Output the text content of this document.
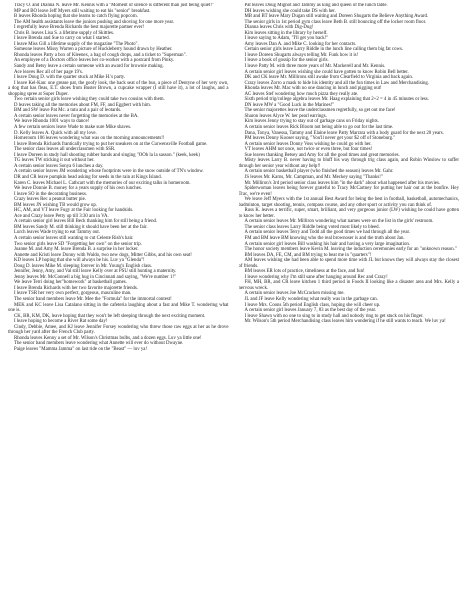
Tracy O. and Dianna N. leave Mr. Kennis with a "Moment of silence is different than just being quiet!"

MP and BO leave Jeff Myers still waiting to eat his "senior" breakfast.

B leaves Rhonda hoping that she learns to catch flying popcorn.

The AM health assistants leave the juniors pushing and shoving for one more year.

I regretfully leave Brenda Richards the best majorette partner ever!

Chris B. leaves Lisa S. a lifetime supply of Skittles.

I leave Brenda and Sue to carry on what I started.

I leave Miss Gill a lifetime supply of the magazine "The Photo".

Someone leaves Missy Warren a picture of Huckleberry hound drawn by Heather.

Rhonda leaves Patty a box of Kleenex, a bag of cough drops, and a ticket to "Superman".

An employee of a Doctors office leaves her co-worker with a postcard from Pinky.

Sandy and Betsy leave a certain someone with an award for brownie making.

Ace leaves Rec all of her page 19's.

I leave Doug D. with the quarter stuck at Mike H.'s party.

I leave Kel-Kan: one grease pat, the goofy look, the back seat of the bus, a piece of Dentyne of her very own, a dog that has fleas, E.T. shoes from Buster Brown, a cupcake wrapper (I still have it), a lot of laughs, and a shopping spree at Super Duper.

Two certain senior girls leave wishing they could take two cousins with them.

D leaves taking all the memories about FM, FF, and Eggbert with him.

BM and SW leave Pat Mc. a tutu and a pair of leotards.

A certain senior leaves never forgetting the memories at the BA.

We leave Rhonda 1001 ways to dance!

A few certain seniors leave Wade to make sure Mike shaves.

D. Kelly leaves A. Quick with all my love.

Homeroom 106 leaves wondering what was on the morning announcements!!

I leave Brenda Richards frantically trying to put her sneakers on at the Curwensville Football game.

The senior class leaves all underclassmen with SSR.

I leave Doreen in study hall shooting rubber bands and singing "OOh la la sasson." (keek, keek)

TG leaves TW sticking it out without her.

A certain senior leaves Sonya 6 lunches a day.

A certain senior leaves JM wondering whose footprints were in the snow outside of TN's window.

DR and CR leave pumpkin head asking for seeds in the rain at Kings Island.

Karen C. leaves Michael L. Cathcart with the memories of our exciting talks in homeroom.

We leave Donnie B. money for a years supply of his own lunches.

I leave SO in the decorating business.

Crazy leaves Rec a peanut butter pie.

BM leaves JN wishing TB would grow up.

HC, AM, and VT leave Fugy at the Fair looking for handsids.

Ace and Crazy leave Petty up till 3:30 am in VA.

A certain senior girl leaves Bill Beck thanking him for still being a friend.

BM leaves Sandy M. still thinking it should have been her at the fair.

Lurch leaves Wade trying to eat Tammy out.

A certain senior leaves still wanting to cut Celeste Rish's hair.

Two senior girls leave SD "Forgetting her own" on the senior trip.

Joanne M. and Amy M. leave Brenda B. a surprise in her locker.

Annette and Kristi leave Donny with Waldo, two new dogs, Mitter Gibbs, and his own seat!

KD leaves LP hoping that she will always be his. Luv ya "Glenda"!

Doug D. leaves Mike M. sleeping forever in Mr. Young's English class.

Jennifer, Jenny, Amy, and Val still leave Kelly over at PSU still hunting a maternity.

Jenny leaves Mr. McConnell a big hug in Cincinnati and saying, "We're number 1!"

We leave Terri doing her"homework" at basketball games.

I leave Brenda Richards with her two favorite majorette friends.

I leave TSR her very own perfect, gorgeous, masculine man.

The senior band members leave Mr. Mee the "Formula" for the immortal contest!

MEK and KC leave Lisa Catalano sitting in the cafeteria laughing about a fast and Mike T. wondering what one is.

CK, BR, KM, DK, leave hoping that they won't be left sleeping through the next exciting moment.

I leave hoping to become a River Rat some day!

Cindy, Debbie, Amee, and KJ leave Jennifer Forsey wondering who threw those raw eggs at her as he drove through her yard after the French Club party.

Rhonda leaves Kenny a set of Mr. Wilson's Christmas bulbs, and a dozen eggs. Luv ya little one!

The senior band members leave wondering what Annette will ever do without Dwayne.

Paige leaves "Mamma Jamma" on last ride on the "Beast" — luv ya!

Pat leaves Doug Mignot and Tammy as king and queen of the lunch table.

DH leaves wishing she could take DS with her.

MB and BT leave Mary Dugan still waiting and Doreen Shugarts the Believe Anything Award.

The senior girls in 1st period gym class leave Beth B. still bouncing off the locker room floor.

Dianna leaves Chris with Dig-Dug!

Kim leaves sitting in the library by herself.

I leave saying to Adam, "I'll get you back!"

Amy leaves Dan A. and Mike C. looking for her contacts.

Certain senior girls leave Larry Riddle in the lunch line calling them big fat cows.

I leave Doreen Shugarts always telling Mr. Funk how it is!

I leave a book of gossip for the senior girls.

I leave Patty M. with three more years of Mr. Mackerell and Mr. Kennis.

A certain senior girl leaves wishing she could have gotten to know Robin Bell better.

DK and CK leave Mr. Millirons still awake from Clearfield to Virginia and back again.

Crazy leaves Zorro a mask to hide his identity and all the fun times in Law and Merchandising.

Rhonda leaves Mr. Mac with no one dancing in lunch and pigging out!

AC leaves Stef wondering how much pizza they really ate.

Sixth period trig/college algebra leaves Mr. Haag explaining that 2+2 = 4 in 45 minutes or less.

DN leave MW a "Good Luck in the Marines!"

The senior majorettes leave the underclassmen regretfully, so get out me face!

Sharon leaves Alyce W. her pearl earrings.

Kim leaves Jenny trying to stay out of garbage cans on Friday nights.

A certain senior leaves Rick Bloom not being able to go out for the last time.

Dana, Tonya, Vanessa, Tammy and Elaine leave Patty Marrara with a body guard for the next 20 years.

PM leaves Denny Kooser saying, "You'll never get your $2 off of Stoneburg."

A certain senior leaves Donny Voss wishing he could go with her.

VT leaves AHM not once, not twice or even three, but four times!

Sue leaves thanking Betsey and Amy for all the good times and great memories.

Misty leaves Larry B. never having to bluff his way through trig class again, and Robin Winslow to suffer through her senior year without any help!!

A certain senior basketball player (who finished the season) leaves Mr. Gahr.

JS leaves Mr. Karns, Mr. Campman, and Mr. Meckey saying "Thanks!"

Mr. Milliron's 3rd period senior class leaves him "in the dark" about what happened after his movies.

Spiderwoman leaves being forever grateful to Tracy McCartney for putting her hair out at the bonfire. Hey Trac, we're even!

We leave Jeff Myers with the 1st annual Best Award for being the best in football, basketball, automechanics, badminton, target shooting, tennis, compass course, and any other sport or activity you can think of.

Russ K. leaves a terrific, super, smart, brilliant, and very gorgeous junior (LW) wishing he could have gotten to know her better.

A certain senior leaves Mr. Milliron wondering what names were on the list in the girls' restroom.

The senior class leaves Larry Riddle being voted most likely to bleed.

A certain senior leaves Terry and Todd all the good times we had through all the year.

FM and BM leave BM knowing who the real brownoser is and the truth about Jan.

A certain senior girl leaves Bill washing his hair and having a very large imagination.

The honor society members leave Kevin M. leaving the induction ceremonies early for an "unknown reason."

BM leaves DA, FE, CM, and BM trying to beat me in "quarters"!

AM leaves wishing she had been able to spend more time with JL but knows they will always stay the closest of friends.

BM leaves ER lots of practice, timeliness at the face, and fun!

I leave wondering why I'm still sane after hanging around Rec and Crazy!

FH, MH, BR, and CR leave kitchen 1 third period in Foods II looking like a disaster area and Mrs. Kelly a nervous wreck.

A certain senior leaves Joe McCracken missing me.

JL and JF leave Kelly wondering what really was in the garbage can.

I leave Mrs. Coons 5th period English class, hoping she will cheer up.

A certain senior girl leaves January 7, 83 as the best day of the year.

I leave Shawn with no one to sing to in study hall and nobody ring to get stuck on his finger.

Mr. Wilson's 5th period Merchandising class leaves him wondering if he still wants to teach. We luv ya!
